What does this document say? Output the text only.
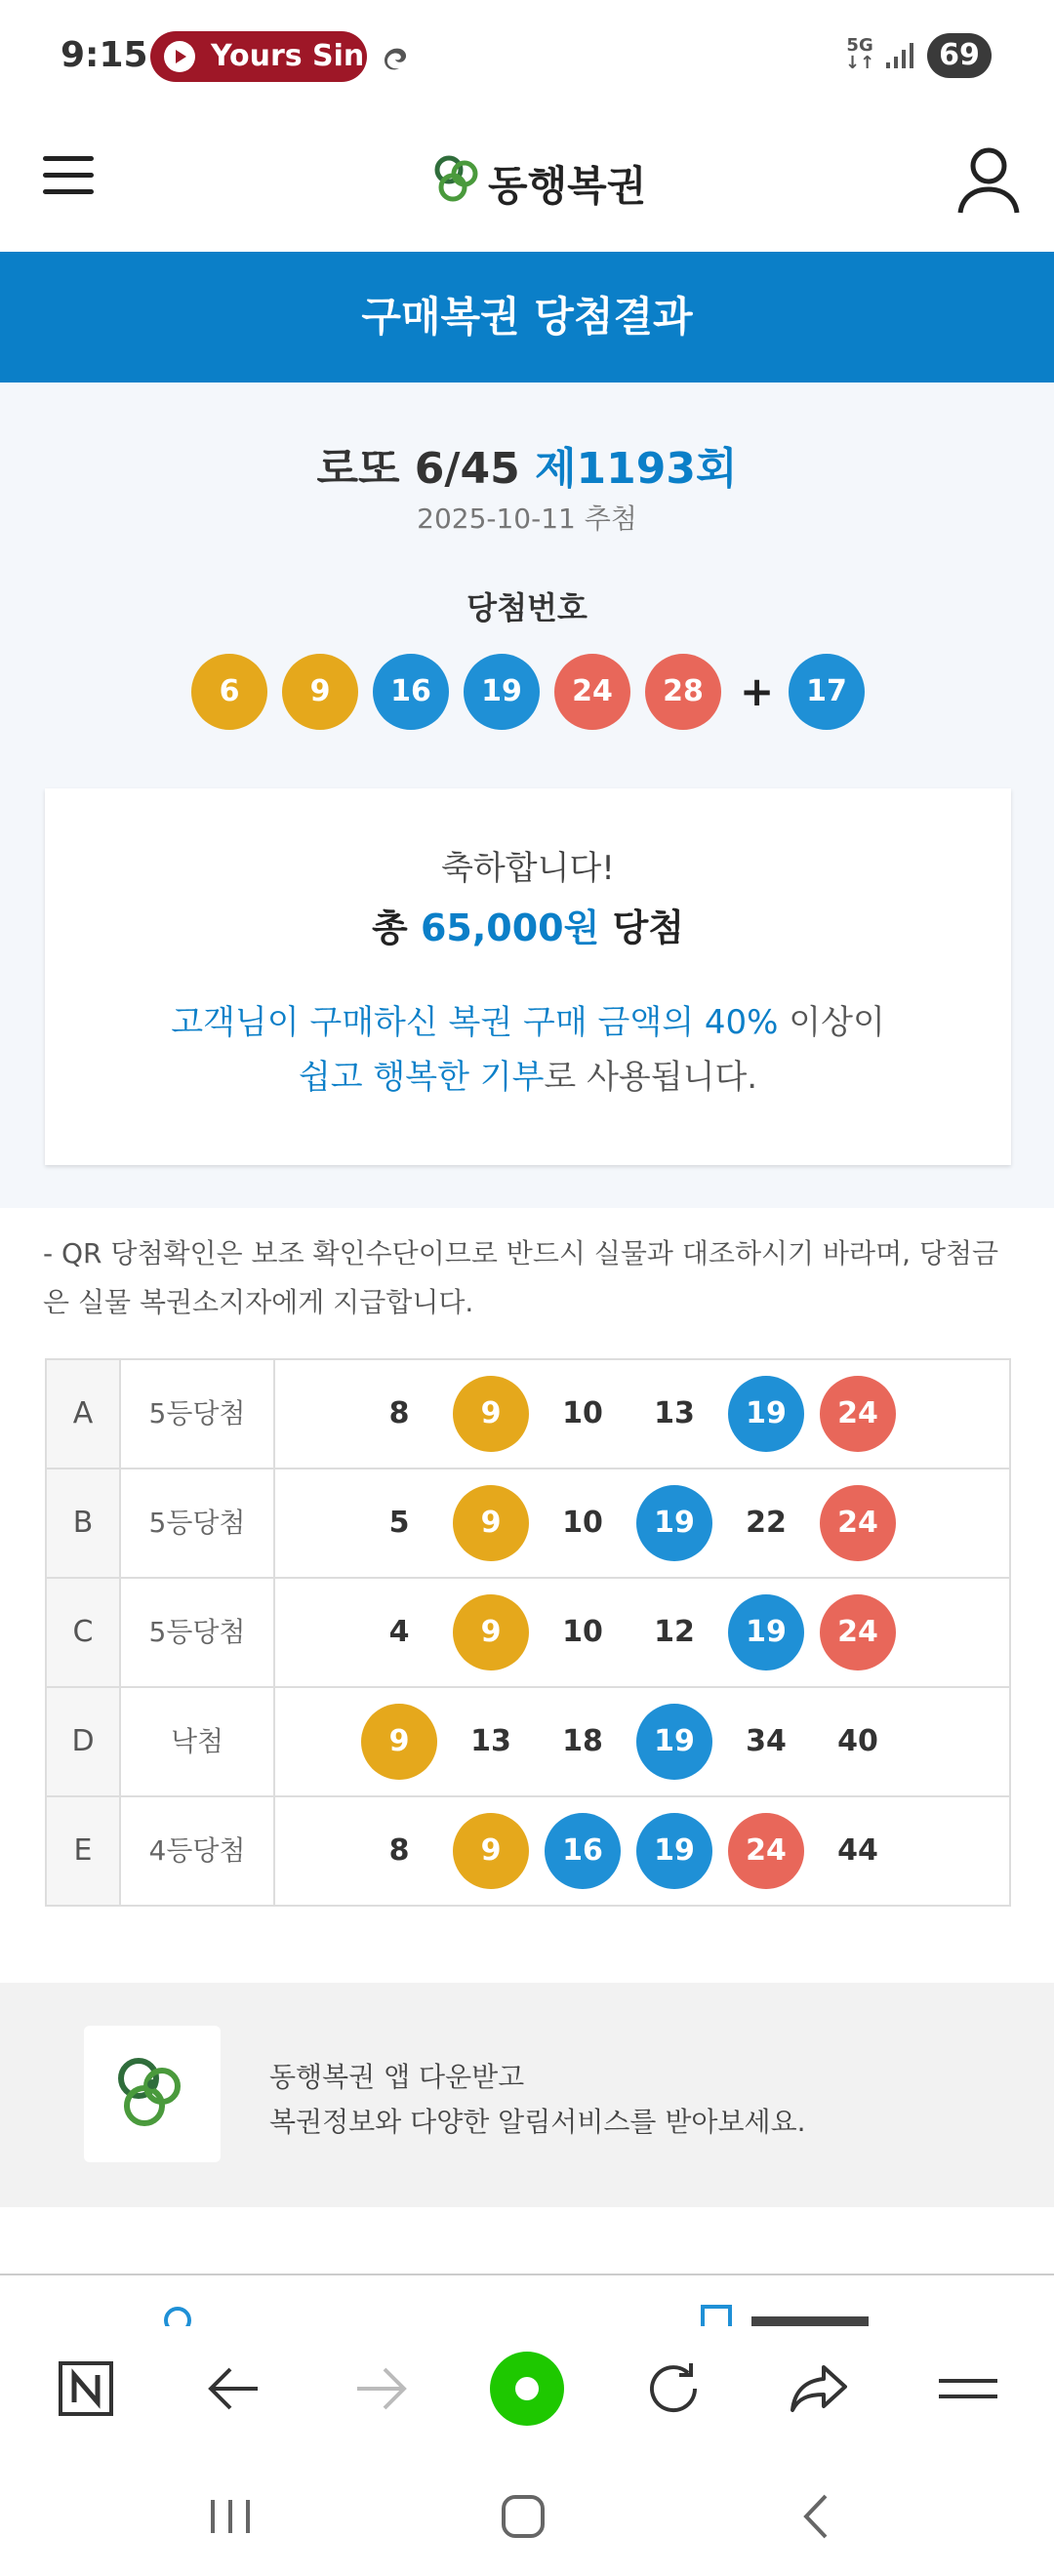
9:15 Yours Sin	5G
↓↑	69
동행복권
구매복권 당첨결과
로또 6/45 제1193회
2025-10-11 추첨
당첨번호
6	9	16	19	24	28 +	17
축하합니다!
총 65,000원 당첨
고객님이 구매하신 복권 구매 금액의 40% 이상이
쉽고 행복한 기부로 사용됩니다.
- QR 당첨확인은 보조 확인수단이므로 반드시 실물과 대조하시기 바라며, 당첨금은 실물 복권소지자에게 지급합니다.
A	5등당첨	8	9	10	13	19	24
B	5등당첨	5	9	10	19	22	24
C	5등당첨	4	9	10	12	19	24
D	낙첨	9	13	18	19	34	40
E	4등당첨	8	9	16	19	24	44
동행복권 앱 다운받고
복권정보와 다양한 알림서비스를 받아보세요.
